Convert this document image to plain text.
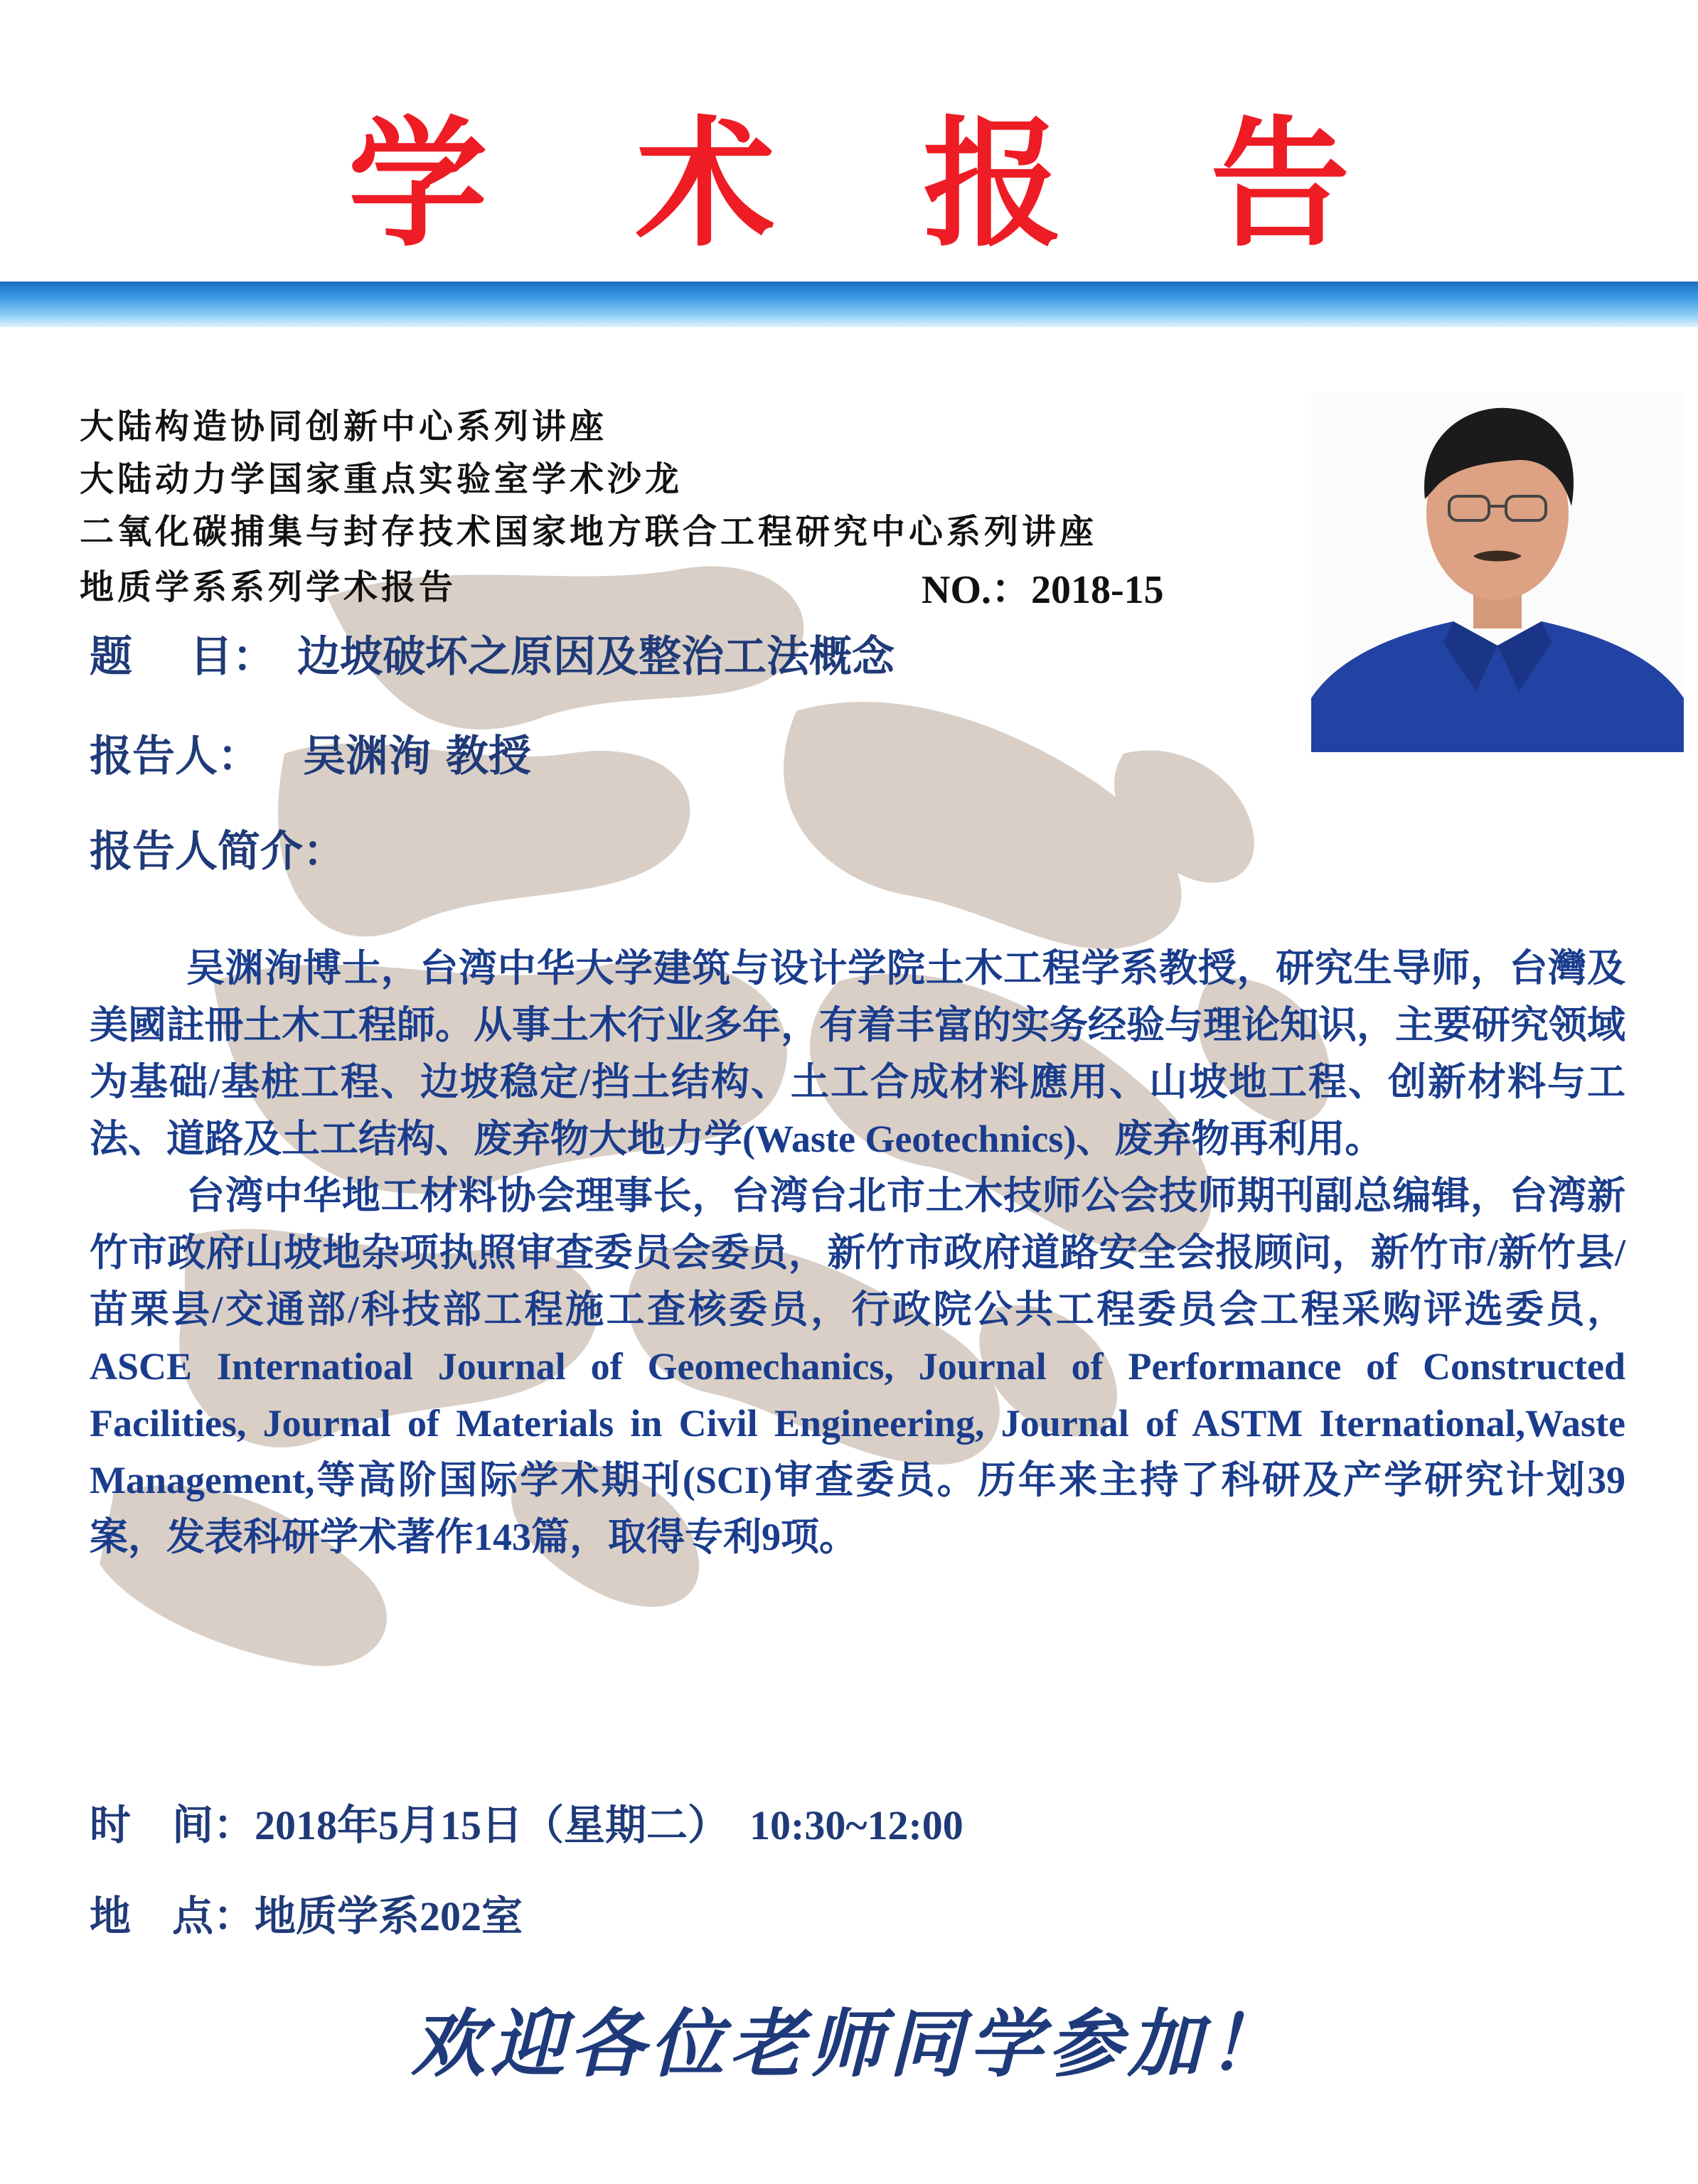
学 术 报 告
大陆构造协同创新中心系列讲座
大陆动力学国家重点实验室学术沙龙
二氧化碳捕集与封存技术国家地方联合工程研究中心系列讲座
地质学系系列学术报告	NO.：2018-15
题　 目： 边坡破坏之原因及整治工法概念
报告人： 吴渊洵 教授
报告人简介：

吴渊洵博士，台湾中华大学建筑与设计学院土木工程学系教授，研究生导师，台灣及美國註冊土木工程師。从事土木行业多年，有着丰富的实务经验与理论知识，主要研究领域为基础/基桩工程、边坡稳定/挡土结构、土工合成材料應用、山坡地工程、创新材料与工法、道路及土工结构、废弃物大地力学(Waste Geotechnics)、废弃物再利用。

台湾中华地工材料协会理事长，台湾台北市土木技师公会技师期刊副总编辑，台湾新竹市政府山坡地杂项执照审查委员会委员，新竹市政府道路安全会报顾问，新竹市/新竹县/苗栗县/交通部/科技部工程施工查核委员，行政院公共工程委员会工程采购评选委员，ASCE Internatioal Journal of Geomechanics, Journal of Performance of Constructed Facilities, Journal of Materials in Civil Engineering, Journal of ASTM Iternational,Waste Management,等高阶国际学术期刊(SCI)审查委员。历年来主持了科研及产学研究计划39案，发表科研学术著作143篇，取得专利9项。

时　间：2018年5月15日（星期二）　10:30~12:00
地　点：地质学系202室
欢迎各位老师同学参加！
